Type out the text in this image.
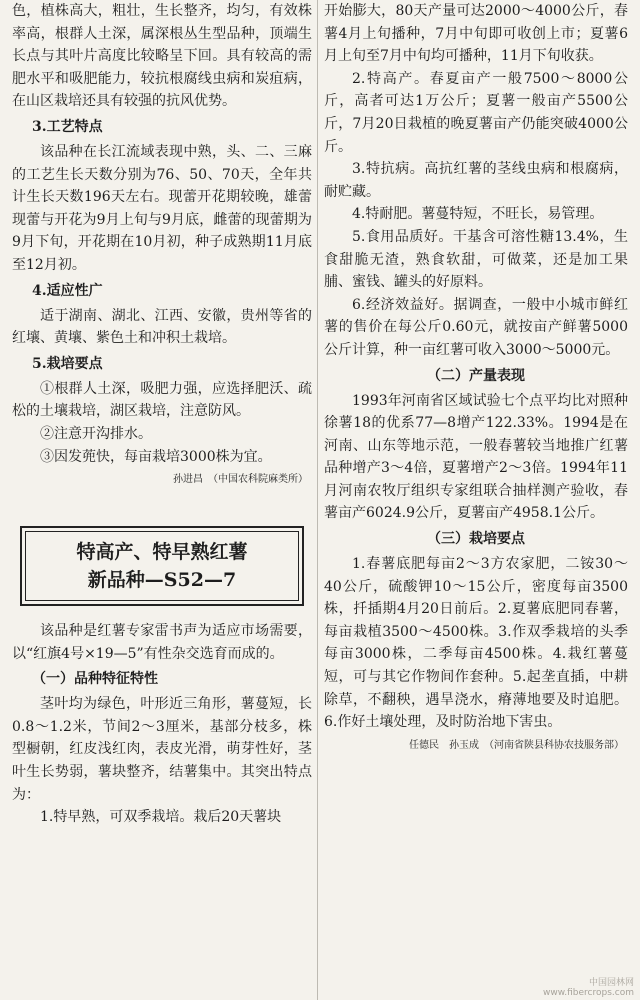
色，植株高大，粗壮，生长整齐，均匀，有效株率高，根群人土深，属深根丛生型品种，顶端生长点与其叶片高度比较略呈下回。具有较高的需肥水平和吸肥能力，较抗根腐线虫病和炭疽病，在山区栽培还具有较强的抗风优势。

3.工艺特点

该品种在长江流域表现中熟，头、二、三麻的工艺生长天数分别为76、50、70天，全年共计生长天数196天左右。现蕾开花期较晚，雄蕾现蕾与开花为9月上旬与9月底，雌蕾的现蕾期为9月下旬，开花期在10月初，种子成熟期11月底至12月初。

4.适应性广

适于湖南、湖北、江西、安徽，贵州等省的红壤、黄壤、紫色土和冲积土栽培。

5.栽培要点

①根群人土深，吸肥力强，应选择肥沃、疏松的土壤栽培，湖区栽培，注意防风。

②注意开沟排水。

③因发蔸快，每亩栽培3000株为宜。

孙进昌　（中国农科院麻类所）
特高产、特早熟红薯
新品种—S52—7

该品种是红薯专家雷书声为适应市场需要，以“红旗4号×19—5”有性杂交选育而成的。

（一）品种特征特性

茎叶均为绿色，叶形近三角形，薯蔓短，长0.8～1.2米，节间2～3厘米，基部分枝多，株型橱朝，红皮浅红肉，表皮光滑，萌芽性好，茎叶生长势弱，薯块整齐，结薯集中。其突出特点为：

1.特早熟，可双季栽培。栽后20天薯块

开始膨大，80天产量可达2000～4000公斤，春薯4月上旬播种，7月中旬即可收创上市；夏薯6月上旬至7月中旬均可播种，11月下旬收获。

2.特高产。春夏亩产一般7500～8000公斤，高者可达1万公斤；夏薯一般亩产5500公斤，7月20日栽植的晚夏薯亩产仍能突破4000公斤。

3.特抗病。高抗红薯的茎线虫病和根腐病，耐贮藏。

4.特耐肥。薯蔓特短，不旺长，易管理。

5.食用品质好。干基含可溶性糖13.4%，生食甜脆无渣，熟食软甜，可做菜，还是加工果脯、蜜钱、罐头的好原料。

6.经济效益好。据调查，一般中小城市鲜红薯的售价在每公斤0.60元，就按亩产鲜薯5000公斤计算，种一亩红薯可收入3000～5000元。

（二）产量表现

1993年河南省区域试验七个点平均比对照种徐薯18的优系77—8增产122.33%。1994是在河南、山东等地示范，一般春薯较当地推广红薯品种增产3～4倍，夏薯增产2～3倍。1994年11月河南农牧厅组织专家组联合抽样测产验收，春薯亩产6024.9公斤，夏薯亩产4958.1公斤。

（三）栽培要点

1.春薯底肥每亩2～3方农家肥，二铵30～40公斤，硫酸钾10～15公斤，密度每亩3500株，扦插期4月20日前后。2.夏薯底肥同春薯，每亩栽植3500～4500株。3.作双季栽培的头季每亩3000株，二季每亩4500株。4.栽红薯蔓短，可与其它作物间作套种。5.起垄直插，中耕除草，不翻秧，遇旱浇水，瘠薄地要及时追肥。6.作好土壤处理，及时防治地下害虫。

任德民　孙玉成　（河南省陕县科协农技服务部）
中国园林网
www.fibercrops.com
